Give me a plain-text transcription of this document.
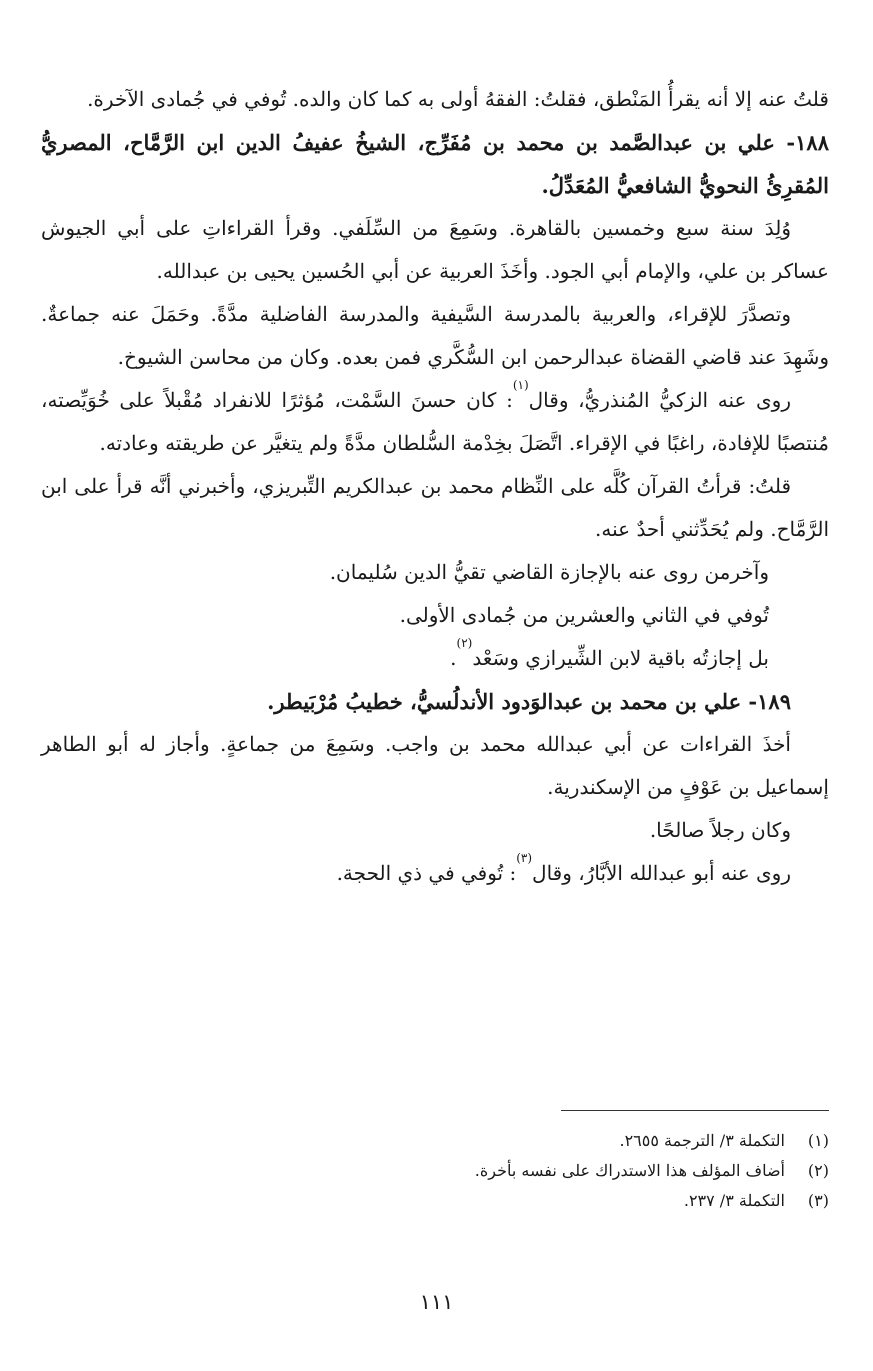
قلتُ عنه إلا أنه يقرأُ المَنْطق، فقلتُ: الفقهُ أولى به كما كان والده. تُوفي في جُمادى الآخرة.

١٨٨- علي بن عبدالصَّمد بن محمد بن مُفَرِّج، الشيخُ عفيفُ الدين ابن الرَّمَّاح، المصريُّ المُقرِئُ النحويُّ الشافعيُّ المُعَدِّلُ.

وُلِدَ سنة سبع وخمسين بالقاهرة. وسَمِعَ من السِّلَفي. وقرأ القراءاتِ على أبي الجيوش عساكر بن علي، والإمام أبي الجود. وأخَذَ العربية عن أبي الحُسين يحيى بن عبدالله.

وتصدَّرَ للإقراء، والعربية بالمدرسة السَّيفية والمدرسة الفاضلية مدَّةً. وحَمَلَ عنه جماعةٌ. وشَهِدَ عند قاضي القضاة عبدالرحمن ابن السُّكَّري فمن بعده. وكان من محاسن الشيوخ.

روى عنه الزكيُّ المُنذريُّ، وقال$^{(١)}$: كان حسنَ السَّمْت، مُؤثرًا للانفراد مُقْبلاً على خُوَيِّصته، مُنتصبًا للإفادة، راغبًا في الإقراء. اتَّصَلَ بخِدْمة السُّلطان مدَّةً ولم يتغيَّر عن طريقته وعادته.

قلتُ: قرأتُ القرآن كُلَّه على النِّظام محمد بن عبدالكريم التِّبريزي، وأخبرني أنَّه قرأ على ابن الرَّمَّاح. ولم يُحَدِّثني أحدٌ عنه.

وآخرمن روى عنه بالإجازة القاضي تقيُّ الدين سُليمان.

تُوفي في الثاني والعشرين من جُمادى الأولى.

بل إجازتُه باقية لابن الشِّيرازي وسَعْد$^{(٢)}$.

١٨٩- علي بن محمد بن عبدالوَدود الأندلُسيُّ، خطيبُ مُرْبَيطر.

أخذَ القراءات عن أبي عبدالله محمد بن واجب. وسَمِعَ من جماعةٍ. وأجاز له أبو الطاهر إسماعيل بن عَوْفٍ من الإسكندرية.

وكان رجلاً صالحًا.

روى عنه أبو عبدالله الأبَّارُ، وقال$^{(٣)}$: تُوفي في ذي الحجة.

(١)
التكملة ٣/ الترجمة ٢٦٥٥.
(٢)
أضاف المؤلف هذا الاستدراك على نفسه بأخرة.
(٣)
التكملة ٣/ ٢٣٧.
١١١
